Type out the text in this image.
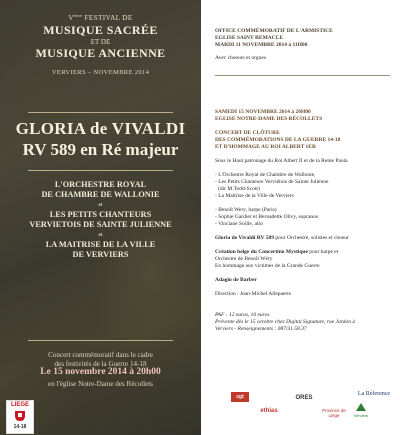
Vème FESTIVAL DE
MUSIQUE SACRÉE
ET DE
MUSIQUE ANCIENNE
VERVIERS – NOVEMBRE 2014
GLORIA de VIVALDI
RV 589 en Ré majeur
L'ORCHESTRE ROYAL
DE CHAMBRE DE WALLONIE
et
LES PETITS CHANTEURS
VERVIETOIS DE SAINTE JULIENNE
et
LA MAITRISE DE LA VILLE
DE VERVIERS
Concert commémoratif dans le cadre
des festivités de la Guerre 14-18
Le 15 novembre 2014 à 20h00
en l'église Notre-Dame des Récollets
LIEGE
14-18
OFFICE COMMÉMORATIF DE L'ARMISTICE
EGLISE SAINT REMACLE
MARDI 11 NOVEMBRE 2014 à 11H00
Avec choeurs et orgues
SAMEDI 15 NOVEMBRE 2014 à 20H00
EGLISE NOTRE-DAME DES RÉCOLLETS
CONCERT DE CLÔTURE
DES COMMÉMORATIONS DE LA GUERRE 14-18
ET D'HOMMAGE AU ROI ALBERT 1ER
Sous le Haut patronage du Roi Albert II et de la Reine Paola
- L'Orchestre Royal de Chambre de Wallonie,
- Les Petits Chanteurs Verviétois de Sainte Julienne
(dir M.Todd-Scott)
- La Maîtrise de la Ville de Verviers
- Benoît Wery, harpe (Paris)
- Sophie Gardier et Bernadette Olivy, sopranos
- Vinciane Soille, alto
Gloria de Vivaldi RV 589 pour Orchestre, solistes et choeur
Création belge du Concertino Mystique pour harpe et
Orchestre de Benoît Wéry
En hommage aux victimes de la Grande Guerre
Adagio de Barber
Direction : Jean-Michel Allepaerts
PAF : 12 euros, 10 euros
Prévente dès le 15 octobre chez Digital Signature, rue Jardon à
Verviers - Renseignements : 087/31.58.37
cgt
ethias
ORES
Province de Liège	Verviers
La Réference
